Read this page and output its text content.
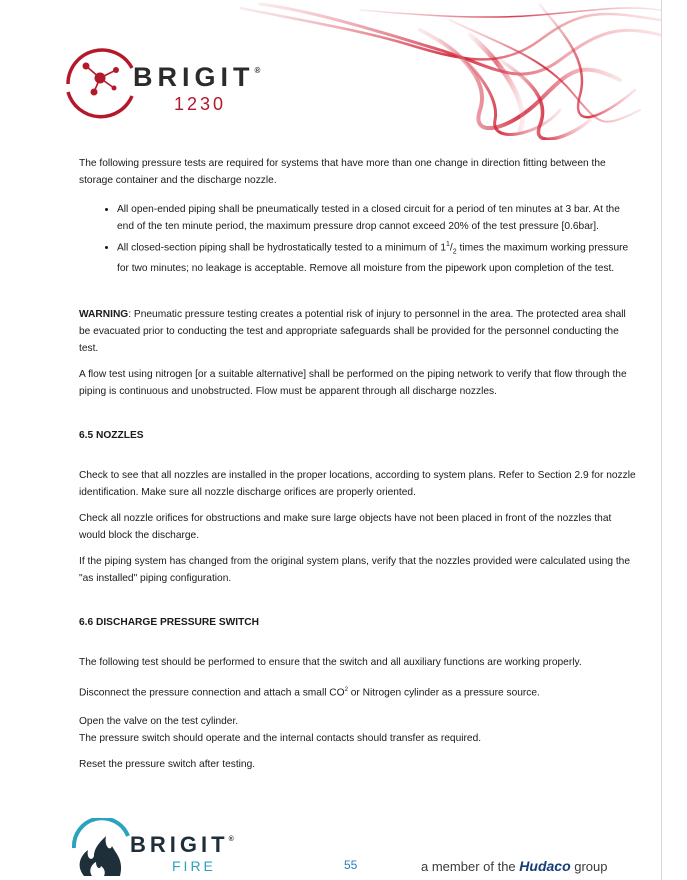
BRIGIT®
1230

The following pressure tests are required for systems that have more than one change in direction fitting between the storage container and the discharge nozzle.

• All open-ended piping shall be pneumatically tested in a closed circuit for a period of ten minutes at 3 bar. At the end of the ten minute period, the maximum pressure drop cannot exceed 20% of the test pressure [0.6bar].
• All closed-section piping shall be hydrostatically tested to a minimum of $1^1/_2$ times the maximum working pressure for two minutes; no leakage is acceptable. Remove all moisture from the pipework upon completion of the test.

WARNING: Pneumatic pressure testing creates a potential risk of injury to personnel in the area. The protected area shall be evacuated prior to conducting the test and appropriate safeguards shall be provided for the personnel conducting the test.

A flow test using nitrogen [or a suitable alternative] shall be performed on the piping network to verify that flow through the piping is continuous and unobstructed. Flow must be apparent through all discharge nozzles.

6.5 NOZZLES

Check to see that all nozzles are installed in the proper locations, according to system plans. Refer to Section 2.9 for nozzle identification. Make sure all nozzle discharge orifices are properly oriented.

Check all nozzle orifices for obstructions and make sure large objects have not been placed in front of the nozzles that would block the discharge.

If the piping system has changed from the original system plans, verify that the nozzles provided were calculated using the "as installed" piping configuration.

6.6 DISCHARGE PRESSURE SWITCH

The following test should be performed to ensure that the switch and all auxiliary functions are working properly.

Disconnect the pressure connection and attach a small $CO^2$ or Nitrogen cylinder as a pressure source.

Open the valve on the test cylinder.
The pressure switch should operate and the internal contacts should transfer as required.

Reset the pressure switch after testing.

BRIGIT®
FIRE	55	a member of the Hudaco group
